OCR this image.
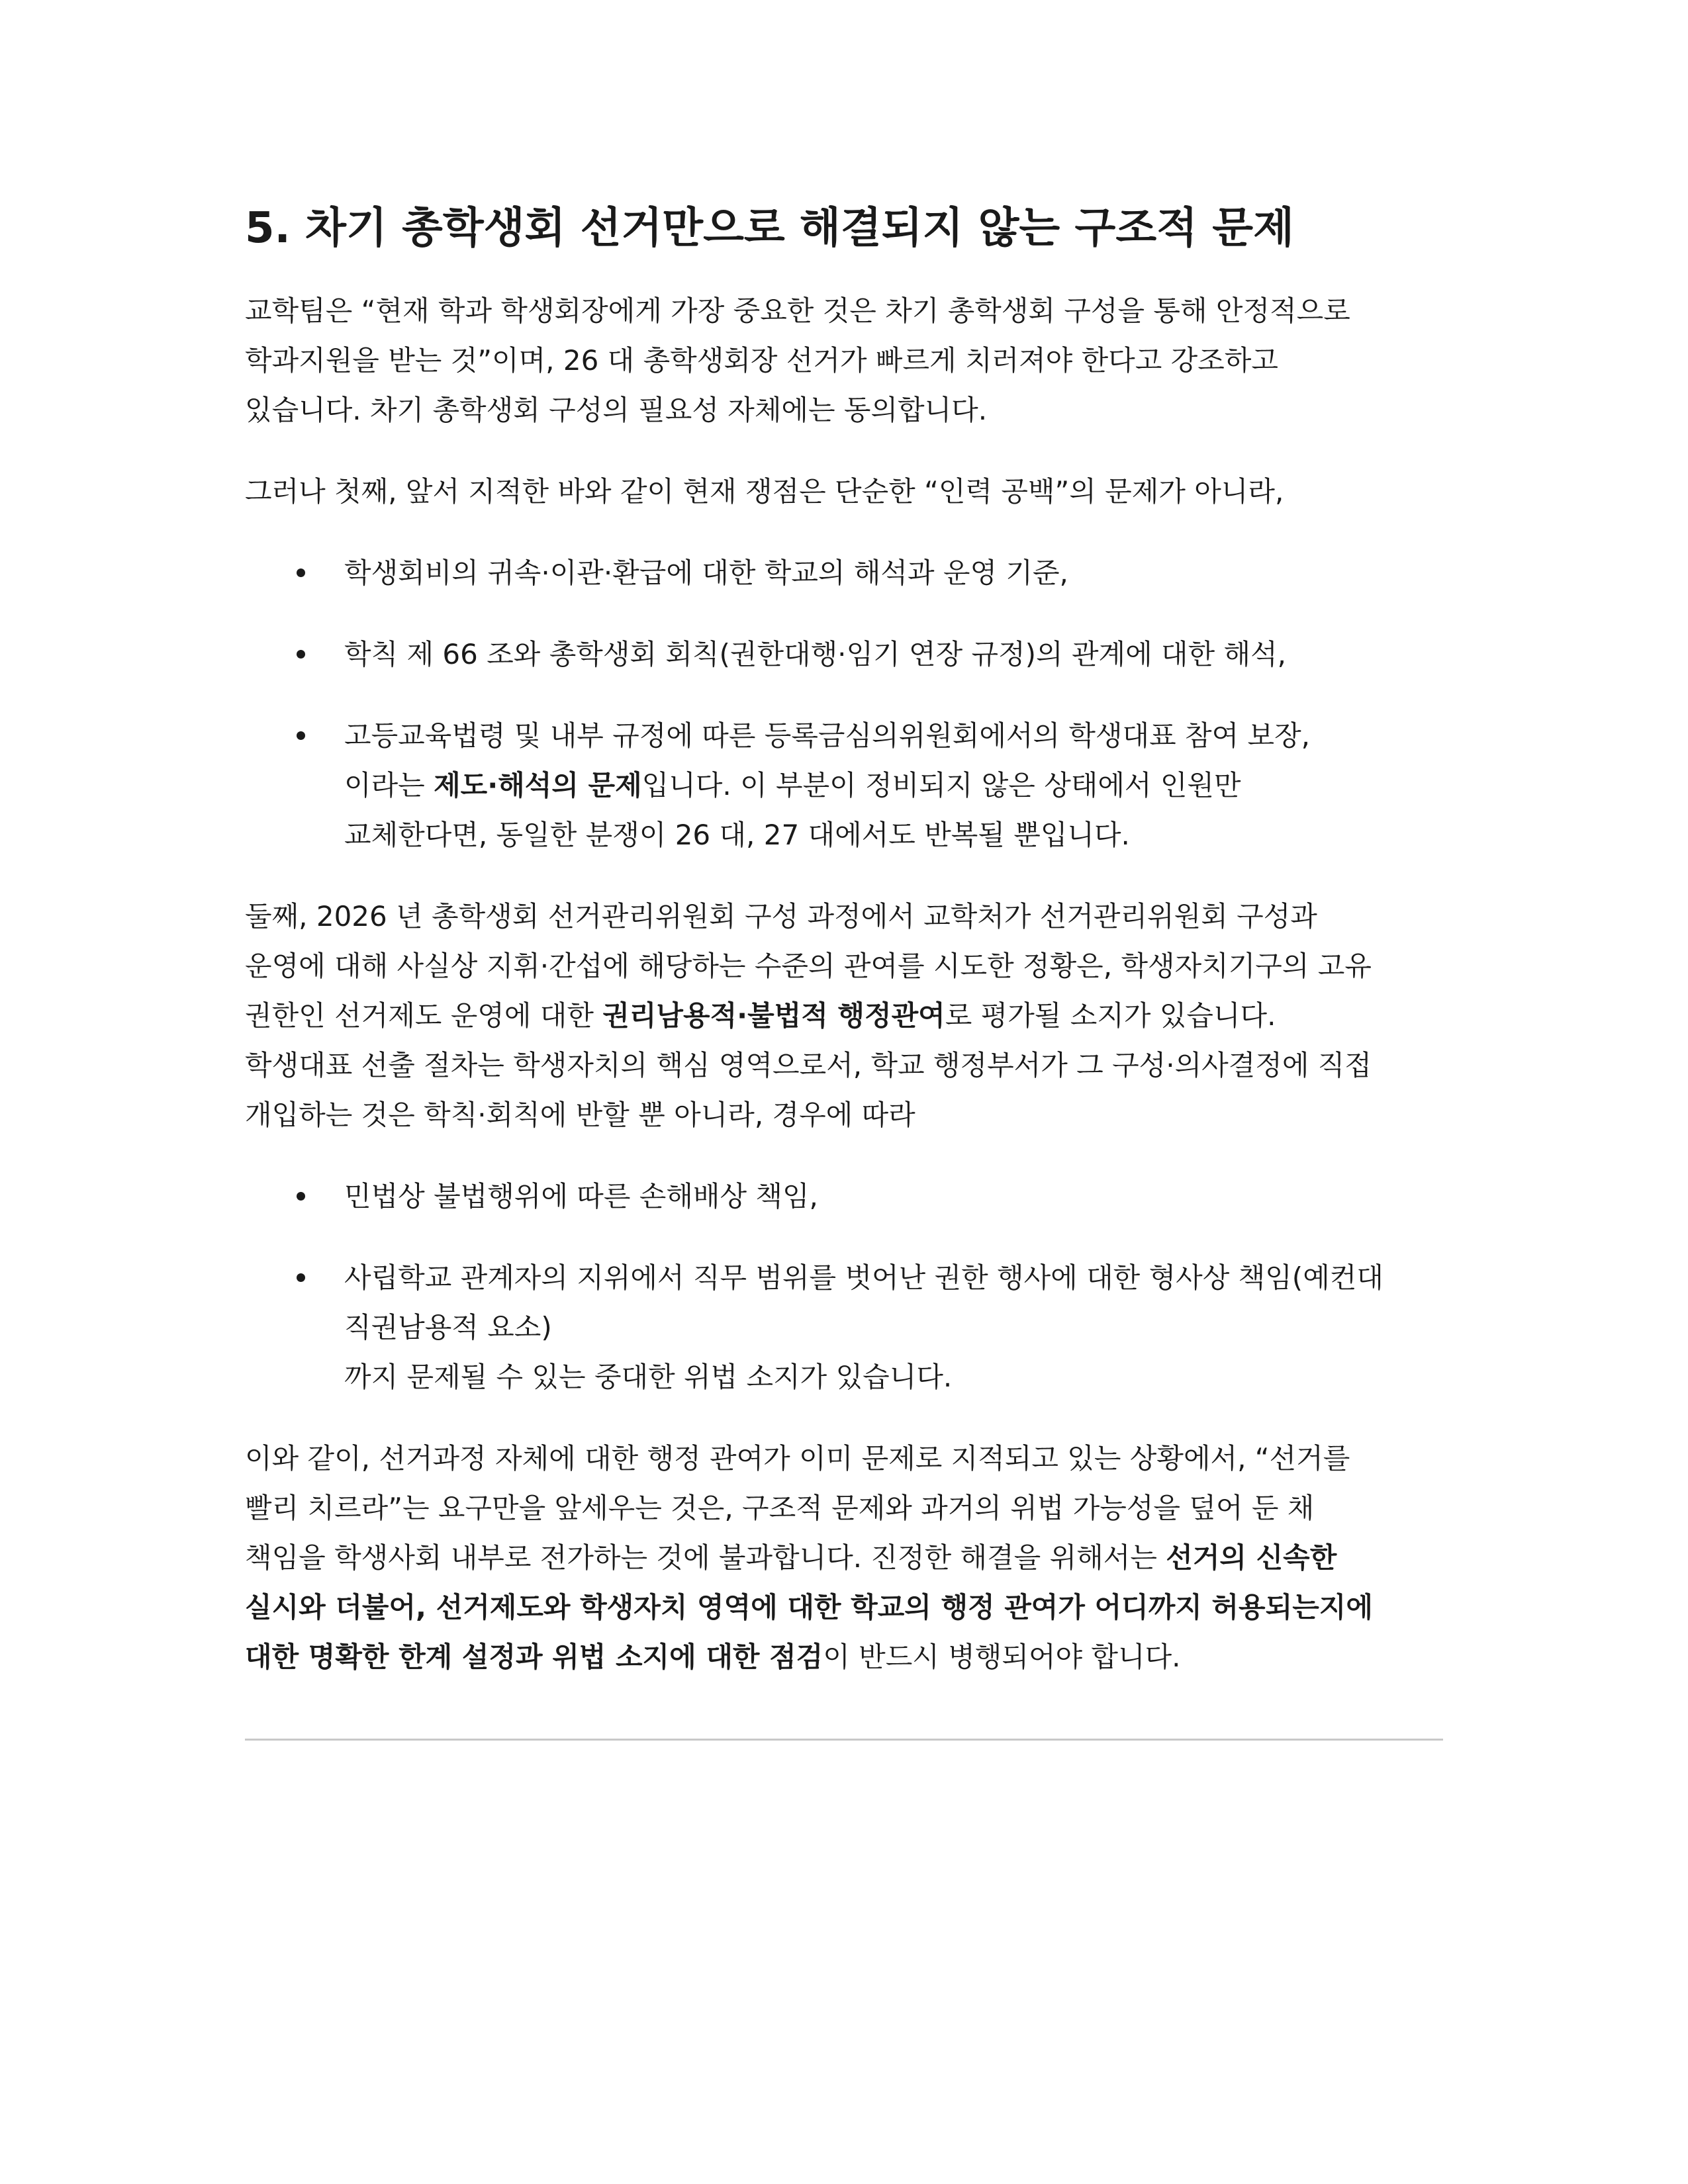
5. 차기 총학생회 선거만으로 해결되지 않는 구조적 문제

교학팀은 “현재 학과 학생회장에게 가장 중요한 것은 차기 총학생회 구성을 통해 안정적으로
학과지원을 받는 것”이며, 26 대 총학생회장 선거가 빠르게 치러져야 한다고 강조하고
있습니다. 차기 총학생회 구성의 필요성 자체에는 동의합니다.

그러나 첫째, 앞서 지적한 바와 같이 현재 쟁점은 단순한 “인력 공백”의 문제가 아니라,

학생회비의 귀속·이관·환급에 대한 학교의 해석과 운영 기준,
학칙 제 66 조와 총학생회 회칙(권한대행·임기 연장 규정)의 관계에 대한 해석,
고등교육법령 및 내부 규정에 따른 등록금심의위원회에서의 학생대표 참여 보장,
이라는 제도·해석의 문제입니다. 이 부분이 정비되지 않은 상태에서 인원만
교체한다면, 동일한 분쟁이 26 대, 27 대에서도 반복될 뿐입니다.

둘째, 2026 년 총학생회 선거관리위원회 구성 과정에서 교학처가 선거관리위원회 구성과
운영에 대해 사실상 지휘·간섭에 해당하는 수준의 관여를 시도한 정황은, 학생자치기구의 고유
권한인 선거제도 운영에 대한 권리남용적·불법적 행정관여로 평가될 소지가 있습니다.
학생대표 선출 절차는 학생자치의 핵심 영역으로서, 학교 행정부서가 그 구성·의사결정에 직접
개입하는 것은 학칙·회칙에 반할 뿐 아니라, 경우에 따라

민법상 불법행위에 따른 손해배상 책임,
사립학교 관계자의 지위에서 직무 범위를 벗어난 권한 행사에 대한 형사상 책임(예컨대
직권남용적 요소)
까지 문제될 수 있는 중대한 위법 소지가 있습니다.

이와 같이, 선거과정 자체에 대한 행정 관여가 이미 문제로 지적되고 있는 상황에서, “선거를
빨리 치르라”는 요구만을 앞세우는 것은, 구조적 문제와 과거의 위법 가능성을 덮어 둔 채
책임을 학생사회 내부로 전가하는 것에 불과합니다. 진정한 해결을 위해서는 선거의 신속한
실시와 더불어, 선거제도와 학생자치 영역에 대한 학교의 행정 관여가 어디까지 허용되는지에
대한 명확한 한계 설정과 위법 소지에 대한 점검이 반드시 병행되어야 합니다.
